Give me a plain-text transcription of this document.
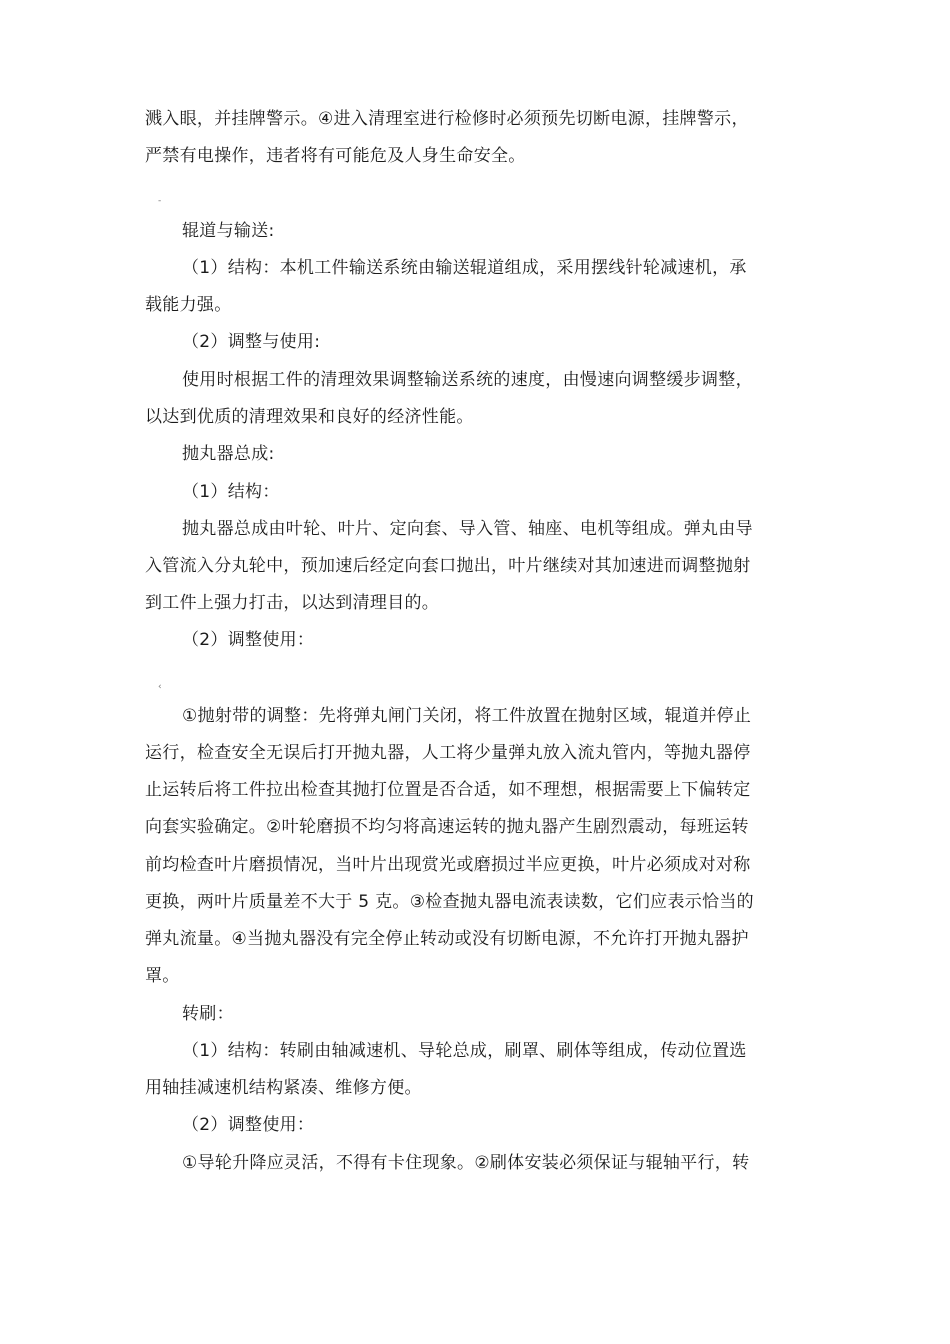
溅入眼，并挂牌警示。④进入清理室进行检修时必须预先切断电源，挂牌警示，
严禁有电操作，违者将有可能危及人身生命安全。
-
辊道与输送:
（1）结构：本机工件输送系统由输送辊道组成，采用摆线针轮减速机，承
载能力强。
（2）调整与使用:
使用时根据工件的清理效果调整输送系统的速度，由慢速向调整缓步调整，
以达到优质的清理效果和良好的经济性能。
抛丸器总成:
（1）结构：
抛丸器总成由叶轮、叶片、定向套、导入管、轴座、电机等组成。弹丸由导
入管流入分丸轮中，预加速后经定向套口抛出，叶片继续对其加速进而调整抛射
到工件上强力打击，以达到清理目的。
（2）调整使用：
‹
①抛射带的调整：先将弹丸闸门关闭，将工件放置在抛射区域，辊道并停止
运行，检查安全无误后打开抛丸器，人工将少量弹丸放入流丸管内，等抛丸器停
止运转后将工件拉出检查其抛打位置是否合适，如不理想，根据需要上下偏转定
向套实验确定。②叶轮磨损不均匀将高速运转的抛丸器产生剧烈震动，每班运转
前均检查叶片磨损情况，当叶片出现赏光或磨损过半应更换，叶片必须成对对称
更换，两叶片质量差不大于 5 克。③检查抛丸器电流表读数，它们应表示恰当的
弹丸流量。④当抛丸器没有完全停止转动或没有切断电源，不允许打开抛丸器护
罩。
转刷：
（1）结构：转刷由轴减速机、导轮总成，刷罩、刷体等组成，传动位置选
用轴挂减速机结构紧凑、维修方便。
（2）调整使用：
①导轮升降应灵活，不得有卡住现象。②刷体安装必须保证与辊轴平行，转
